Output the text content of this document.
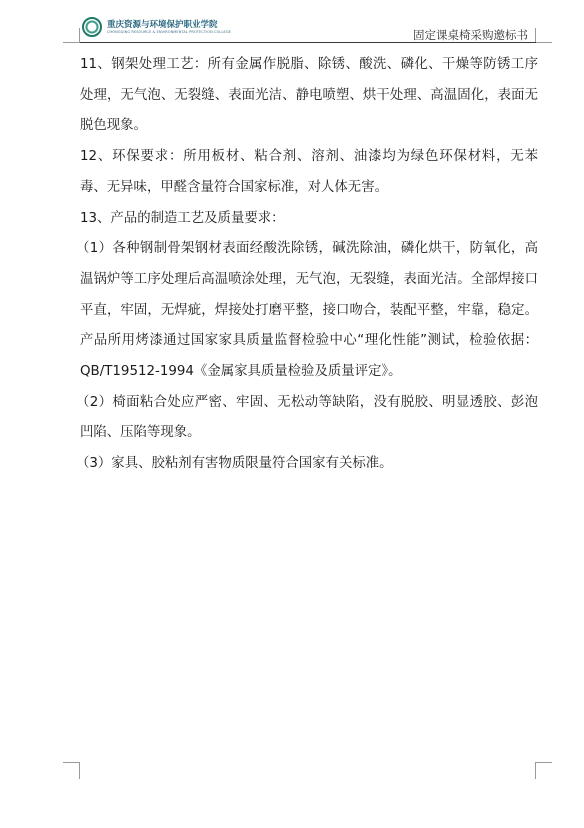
重庆资源与环境保护职业学院
CHONGQING RESOURCE & ENVIRONMENTAL PROTECTION COLLEGE	固定课桌椅采购邀标书

11、钢架处理工艺：所有金属作脱脂、除锈、酸洗、磷化、干燥等防锈工序处理，无气泡、无裂缝、表面光洁、静电喷塑、烘干处理、高温固化，表面无脱色现象。

12、环保要求：所用板材、粘合剂、溶剂、油漆均为绿色环保材料，无苯毒、无异味，甲醛含量符合国家标准，对人体无害。

13、产品的制造工艺及质量要求：

（1）各种钢制骨架钢材表面经酸洗除锈，碱洗除油，磷化烘干，防氧化，高温锅炉等工序处理后高温喷涂处理，无气泡，无裂缝，表面光洁。全部焊接口平直，牢固，无焊疵，焊接处打磨平整，接口吻合，装配平整，牢靠，稳定。产品所用烤漆通过国家家具质量监督检验中心“理化性能”测试，检验依据：QB/T19512-1994《金属家具质量检验及质量评定》。

（2）椅面粘合处应严密、牢固、无松动等缺陷，没有脱胶、明显透胶、彭泡凹陷、压陷等现象。

（3）家具、胶粘剂有害物质限量符合国家有关标准。
